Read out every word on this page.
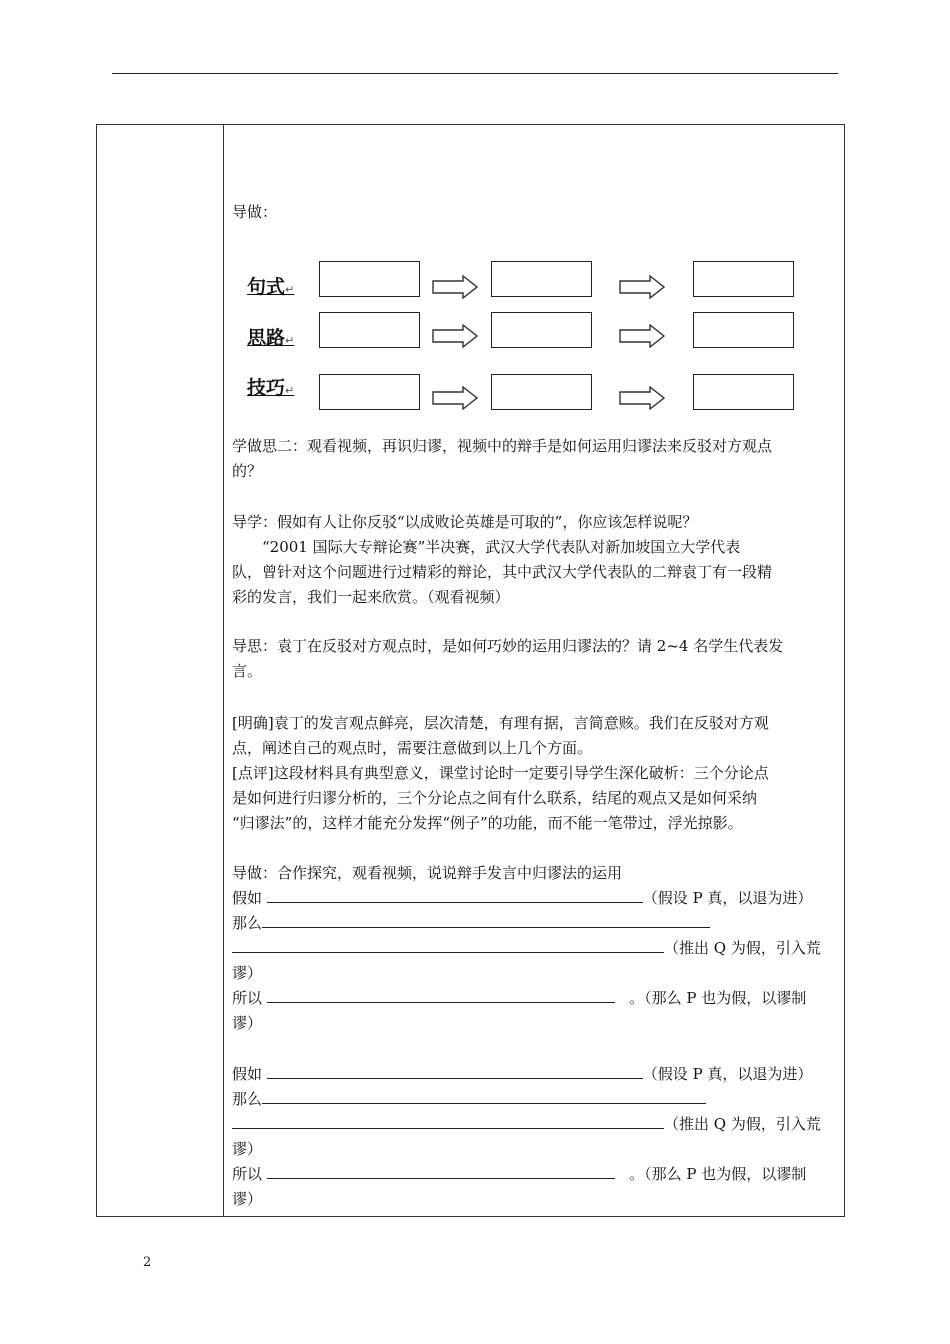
导做：
句式↵
思路↵
技巧↵
学做思二：观看视频，再识归谬，视频中的辩手是如何运用归谬法来反驳对方观点
的？
导学：假如有人让你反驳“以成败论英雄是可取的”，你应该怎样说呢？
“2001 国际大专辩论赛”半决赛，武汉大学代表队对新加坡国立大学代表
队，曾针对这个问题进行过精彩的辩论，其中武汉大学代表队的二辩袁丁有一段精
彩的发言，我们一起来欣赏。（观看视频）
导思：袁丁在反驳对方观点时，是如何巧妙的运用归谬法的？请 2~4 名学生代表发
言。
[明确]袁丁的发言观点鲜亮，层次清楚，有理有据，言简意赅。我们在反驳对方观
点，阐述自己的观点时，需要注意做到以上几个方面。
[点评]这段材料具有典型意义，课堂讨论时一定要引导学生深化破析：三个分论点
是如何进行归谬分析的，三个分论点之间有什么联系，结尾的观点又是如何采纳
“归谬法”的，这样才能充分发挥“例子”的功能，而不能一笔带过，浮光掠影。
导做：合作探究，观看视频，说说辩手发言中归谬法的运用
假如	（假设 P 真，以退为进）
那么
（推出 Q 为假，引入荒
谬）
所以	。（那么 P 也为假，以谬制
谬）
假如	（假设 P 真，以退为进）
那么
（推出 Q 为假，引入荒
谬）
所以	。（那么 P 也为假，以谬制
谬）
2
